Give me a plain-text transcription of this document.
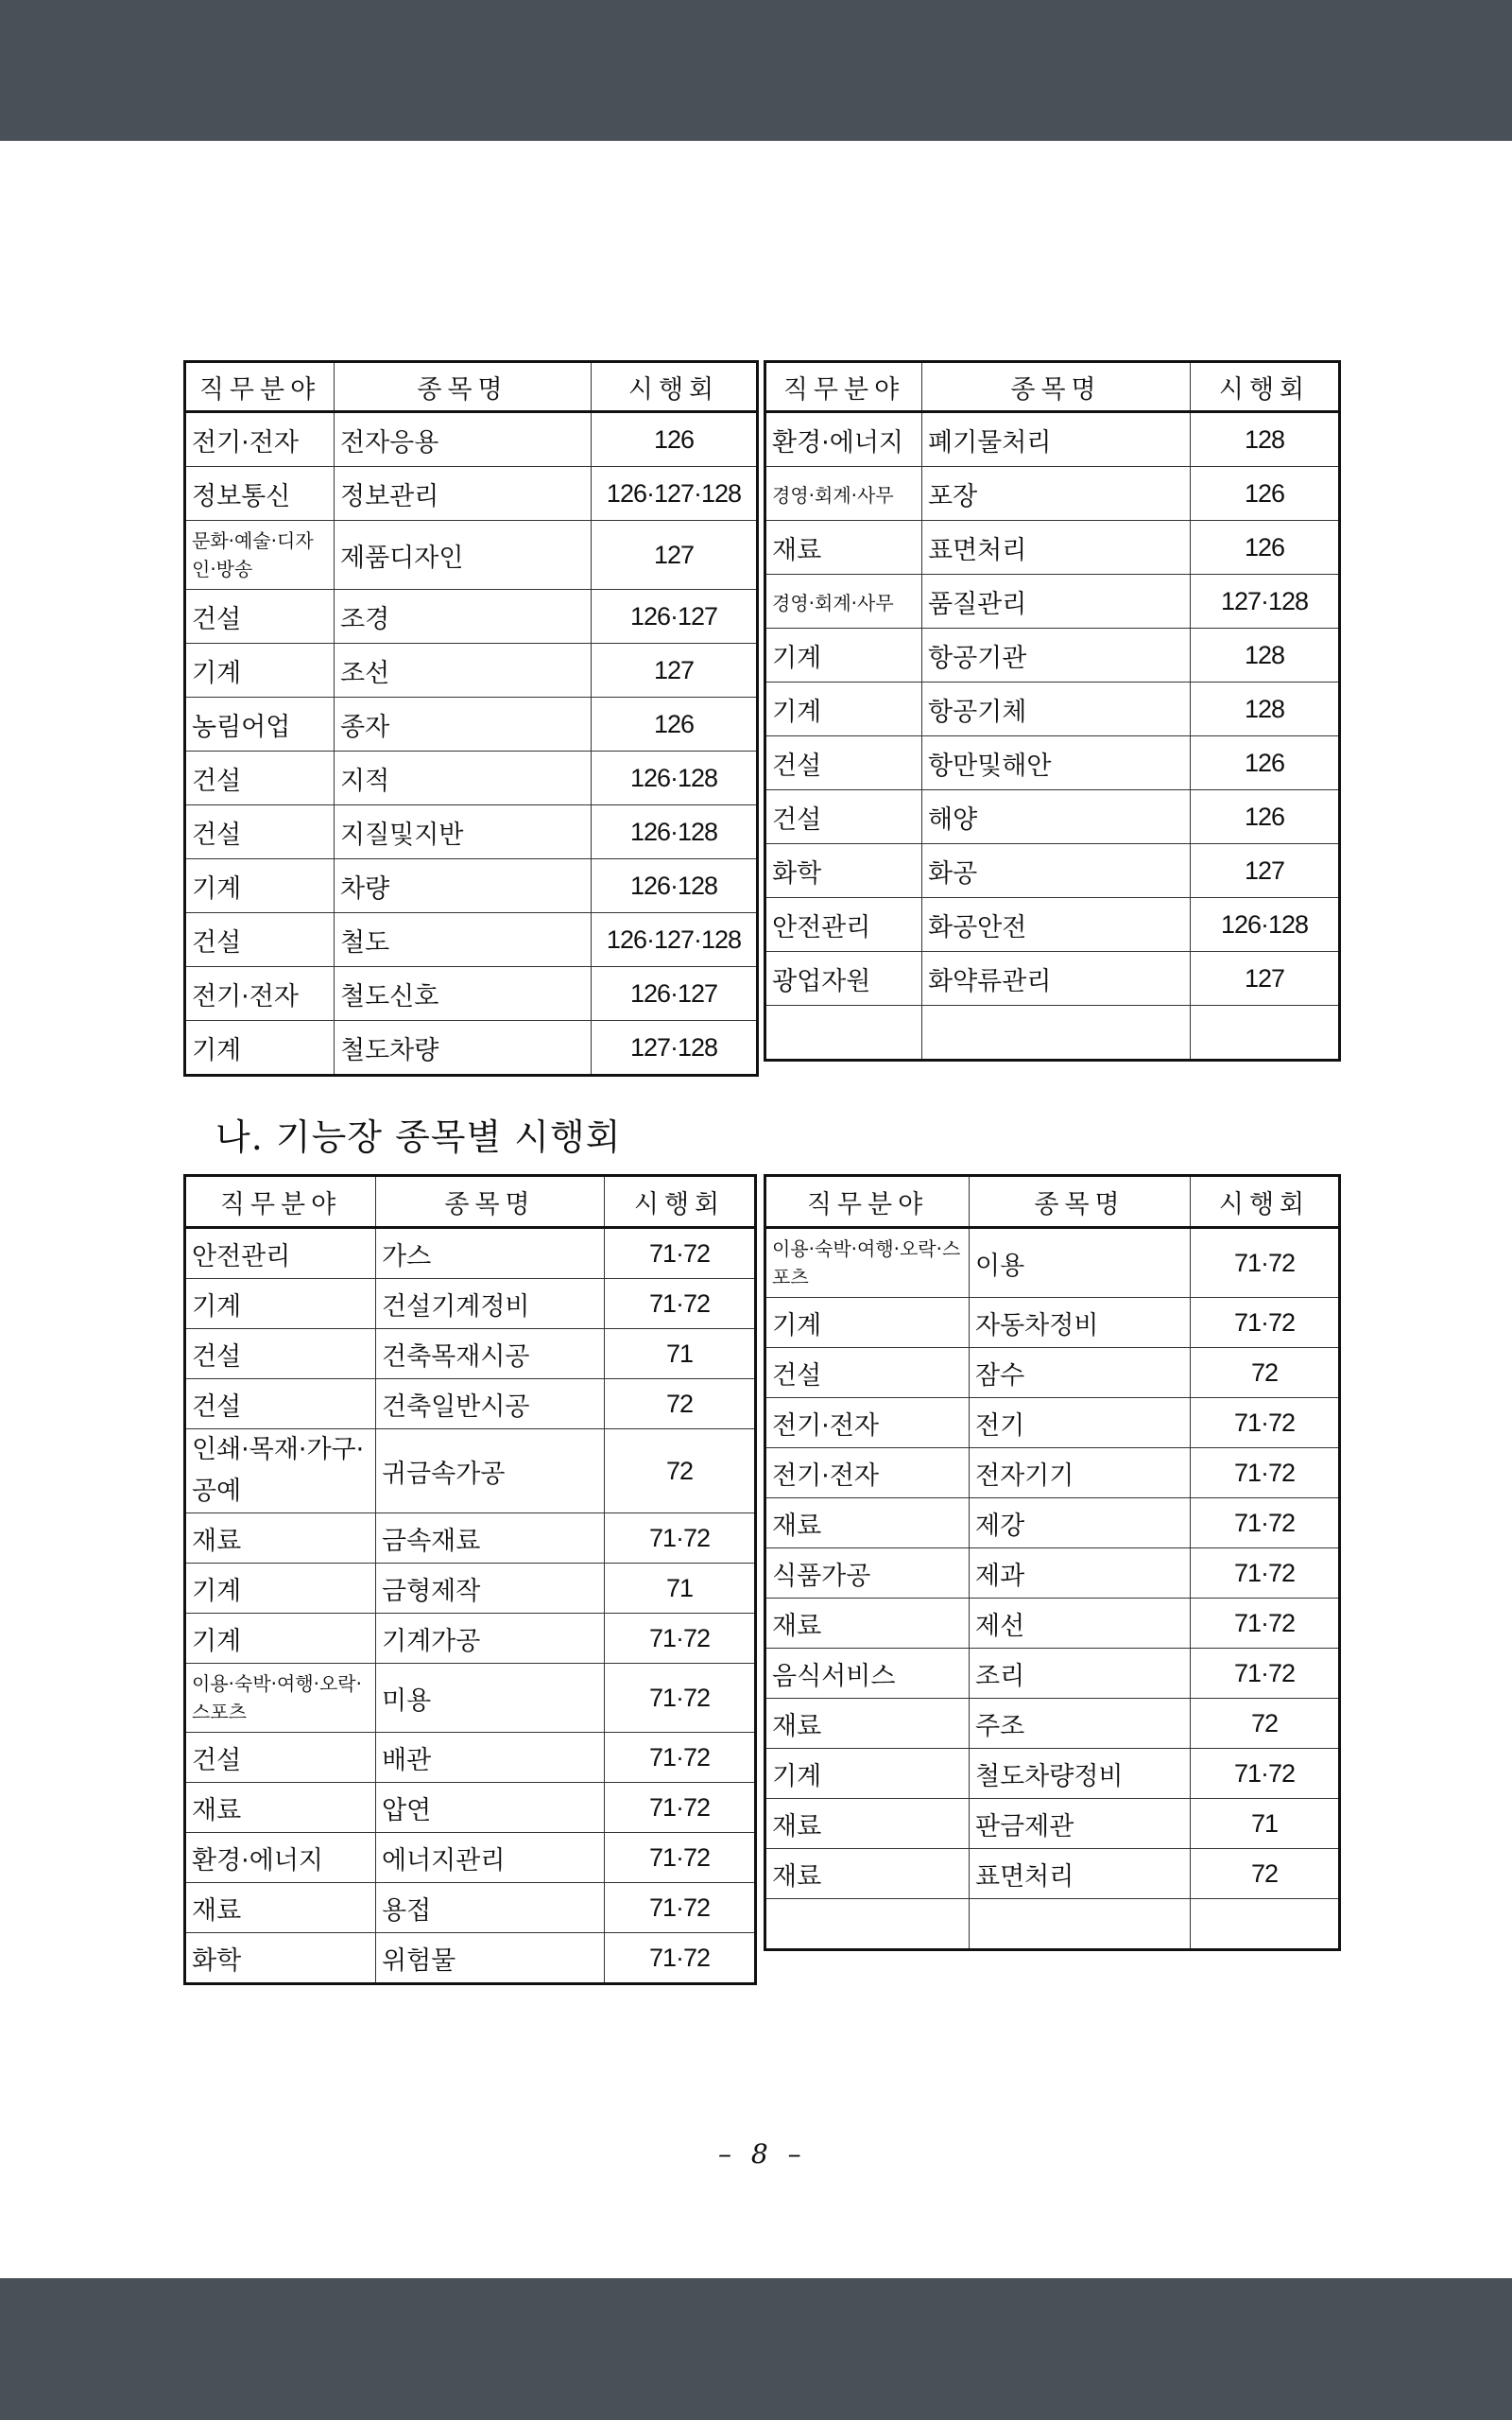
직무분야	종목명	시행회
전기·전자	전자응용	126
정보통신	정보관리	126·127·128
문화·예술·디자인·방송	제품디자인	127
건설	조경	126·127
기계	조선	127
농림어업	종자	126
건설	지적	126·128
건설	지질및지반	126·128
기계	차량	126·128
건설	철도	126·127·128
전기·전자	철도신호	126·127
기계	철도차량	127·128
직무분야	종목명	시행회
환경·에너지	폐기물처리	128
경영·회계·사무	포장	126
재료	표면처리	126
경영·회계·사무	품질관리	127·128
기계	항공기관	128
기계	항공기체	128
건설	항만및해안	126
건설	해양	126
화학	화공	127
안전관리	화공안전	126·128
광업자원	화약류관리	127

나. 기능장 종목별 시행회
직무분야	종목명	시행회
안전관리	가스	71·72
기계	건설기계정비	71·72
건설	건축목재시공	71
건설	건축일반시공	72
인쇄·목재·가구·공예	귀금속가공	72
재료	금속재료	71·72
기계	금형제작	71
기계	기계가공	71·72
이용·숙박·여행·오락·스포츠	미용	71·72
건설	배관	71·72
재료	압연	71·72
환경·에너지	에너지관리	71·72
재료	용접	71·72
화학	위험물	71·72
직무분야	종목명	시행회
이용·숙박·여행·오락·스포츠	이용	71·72
기계	자동차정비	71·72
건설	잠수	72
전기·전자	전기	71·72
전기·전자	전자기기	71·72
재료	제강	71·72
식품가공	제과	71·72
재료	제선	71·72
음식서비스	조리	71·72
재료	주조	72
기계	철도차량정비	71·72
재료	판금제관	71
재료	표면처리	72

– 8 –
